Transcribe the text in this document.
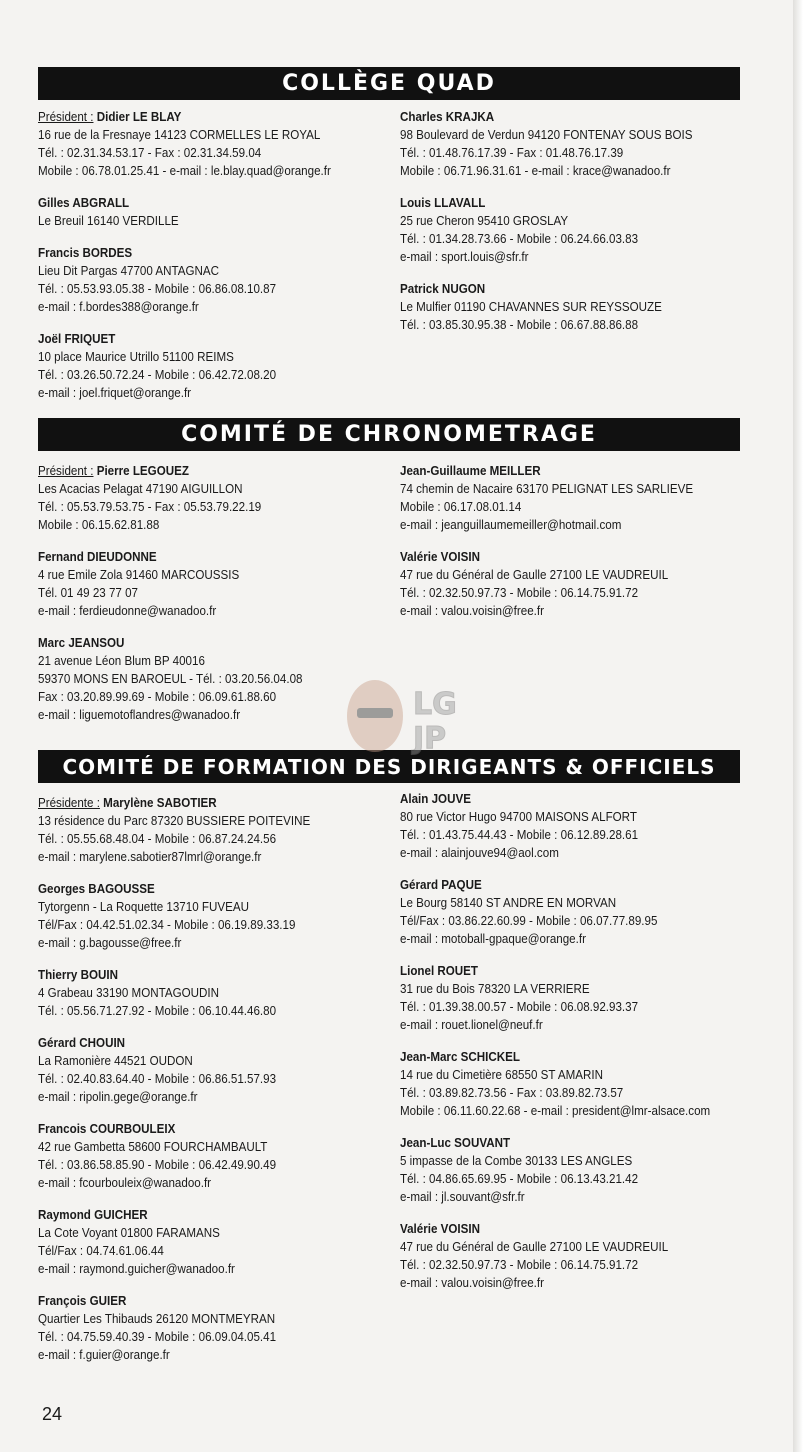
COLLÈGE QUAD
Président : Didier LE BLAY
16 rue de la Fresnaye 14123 CORMELLES LE ROYAL
Tél. : 02.31.34.53.17 - Fax : 02.31.34.59.04
Mobile : 06.78.01.25.41 - e-mail : le.blay.quad@orange.fr
Gilles ABGRALL
Le Breuil 16140 VERDILLE
Francis BORDES
Lieu Dit Pargas 47700 ANTAGNAC
Tél. : 05.53.93.05.38 - Mobile : 06.86.08.10.87
e-mail : f.bordes388@orange.fr
Joël FRIQUET
10 place Maurice Utrillo 51100 REIMS
Tél. : 03.26.50.72.24 - Mobile : 06.42.72.08.20
e-mail : joel.friquet@orange.fr
Charles KRAJKA
98 Boulevard de Verdun 94120 FONTENAY SOUS BOIS
Tél. : 01.48.76.17.39 - Fax : 01.48.76.17.39
Mobile : 06.71.96.31.61 - e-mail : krace@wanadoo.fr
Louis LLAVALL
25 rue Cheron 95410 GROSLAY
Tél. : 01.34.28.73.66 - Mobile : 06.24.66.03.83
e-mail : sport.louis@sfr.fr
Patrick NUGON
Le Mulfier 01190 CHAVANNES SUR REYSSOUZE
Tél. : 03.85.30.95.38 - Mobile : 06.67.88.86.88
COMITÉ DE CHRONOMETRAGE
Président : Pierre LEGOUEZ
Les Acacias Pelagat 47190 AIGUILLON
Tél. : 05.53.79.53.75 - Fax : 05.53.79.22.19
Mobile : 06.15.62.81.88
Fernand DIEUDONNE
4 rue Emile Zola 91460 MARCOUSSIS
Tél. 01 49 23 77 07
e-mail : ferdieudonne@wanadoo.fr
Marc JEANSOU
21 avenue Léon Blum BP 40016
59370 MONS EN BAROEUL - Tél. : 03.20.56.04.08
Fax : 03.20.89.99.69 - Mobile : 06.09.61.88.60
e-mail : liguemotoflandres@wanadoo.fr
Jean-Guillaume MEILLER
74 chemin de Nacaire 63170 PELIGNAT LES SARLIEVE
Mobile : 06.17.08.01.14
e-mail : jeanguillaumemeiller@hotmail.com
Valérie VOISIN
47 rue du Général de Gaulle 27100 LE VAUDREUIL
Tél. : 02.32.50.97.73 - Mobile : 06.14.75.91.72
e-mail : valou.voisin@free.fr
COMITÉ DE FORMATION DES DIRIGEANTS & OFFICIELS
Présidente : Marylène SABOTIER
13 résidence du Parc 87320 BUSSIERE POITEVINE
Tél. : 05.55.68.48.04 - Mobile : 06.87.24.24.56
e-mail : marylene.sabotier87lmrl@orange.fr
Georges BAGOUSSE
Tytorgenn - La Roquette 13710 FUVEAU
Tél/Fax : 04.42.51.02.34 - Mobile : 06.19.89.33.19
e-mail : g.bagousse@free.fr
Thierry BOUIN
4 Grabeau 33190 MONTAGOUDIN
Tél. : 05.56.71.27.92 - Mobile : 06.10.44.46.80
Gérard CHOUIN
La Ramonière 44521 OUDON
Tél. : 02.40.83.64.40 - Mobile : 06.86.51.57.93
e-mail : ripolin.gege@orange.fr
Francois COURBOULEIX
42 rue Gambetta 58600 FOURCHAMBAULT
Tél. : 03.86.58.85.90 - Mobile : 06.42.49.90.49
e-mail : fcourbouleix@wanadoo.fr
Raymond GUICHER
La Cote Voyant 01800 FARAMANS
Tél/Fax : 04.74.61.06.44
e-mail : raymond.guicher@wanadoo.fr
François GUIER
Quartier Les Thibauds 26120 MONTMEYRAN
Tél. : 04.75.59.40.39 - Mobile : 06.09.04.05.41
e-mail : f.guier@orange.fr
Alain JOUVE
80 rue Victor Hugo 94700 MAISONS ALFORT
Tél. : 01.43.75.44.43 - Mobile : 06.12.89.28.61
e-mail : alainjouve94@aol.com
Gérard PAQUE
Le Bourg 58140 ST ANDRE EN MORVAN
Tél/Fax : 03.86.22.60.99 - Mobile : 06.07.77.89.95
e-mail : motoball-gpaque@orange.fr
Lionel ROUET
31 rue du Bois 78320 LA VERRIERE
Tél. : 01.39.38.00.57 - Mobile : 06.08.92.93.37
e-mail : rouet.lionel@neuf.fr
Jean-Marc SCHICKEL
14 rue du Cimetière 68550 ST AMARIN
Tél. : 03.89.82.73.56 - Fax : 03.89.82.73.57
Mobile : 06.11.60.22.68 - e-mail : president@lmr-alsace.com
Jean-Luc SOUVANT
5 impasse de la Combe 30133 LES ANGLES
Tél. : 04.86.65.69.95 - Mobile : 06.13.43.21.42
e-mail : jl.souvant@sfr.fr
Valérie VOISIN
47 rue du Général de Gaulle 27100 LE VAUDREUIL
Tél. : 02.32.50.97.73 - Mobile : 06.14.75.91.72
e-mail : valou.voisin@free.fr
LG
JP
24
